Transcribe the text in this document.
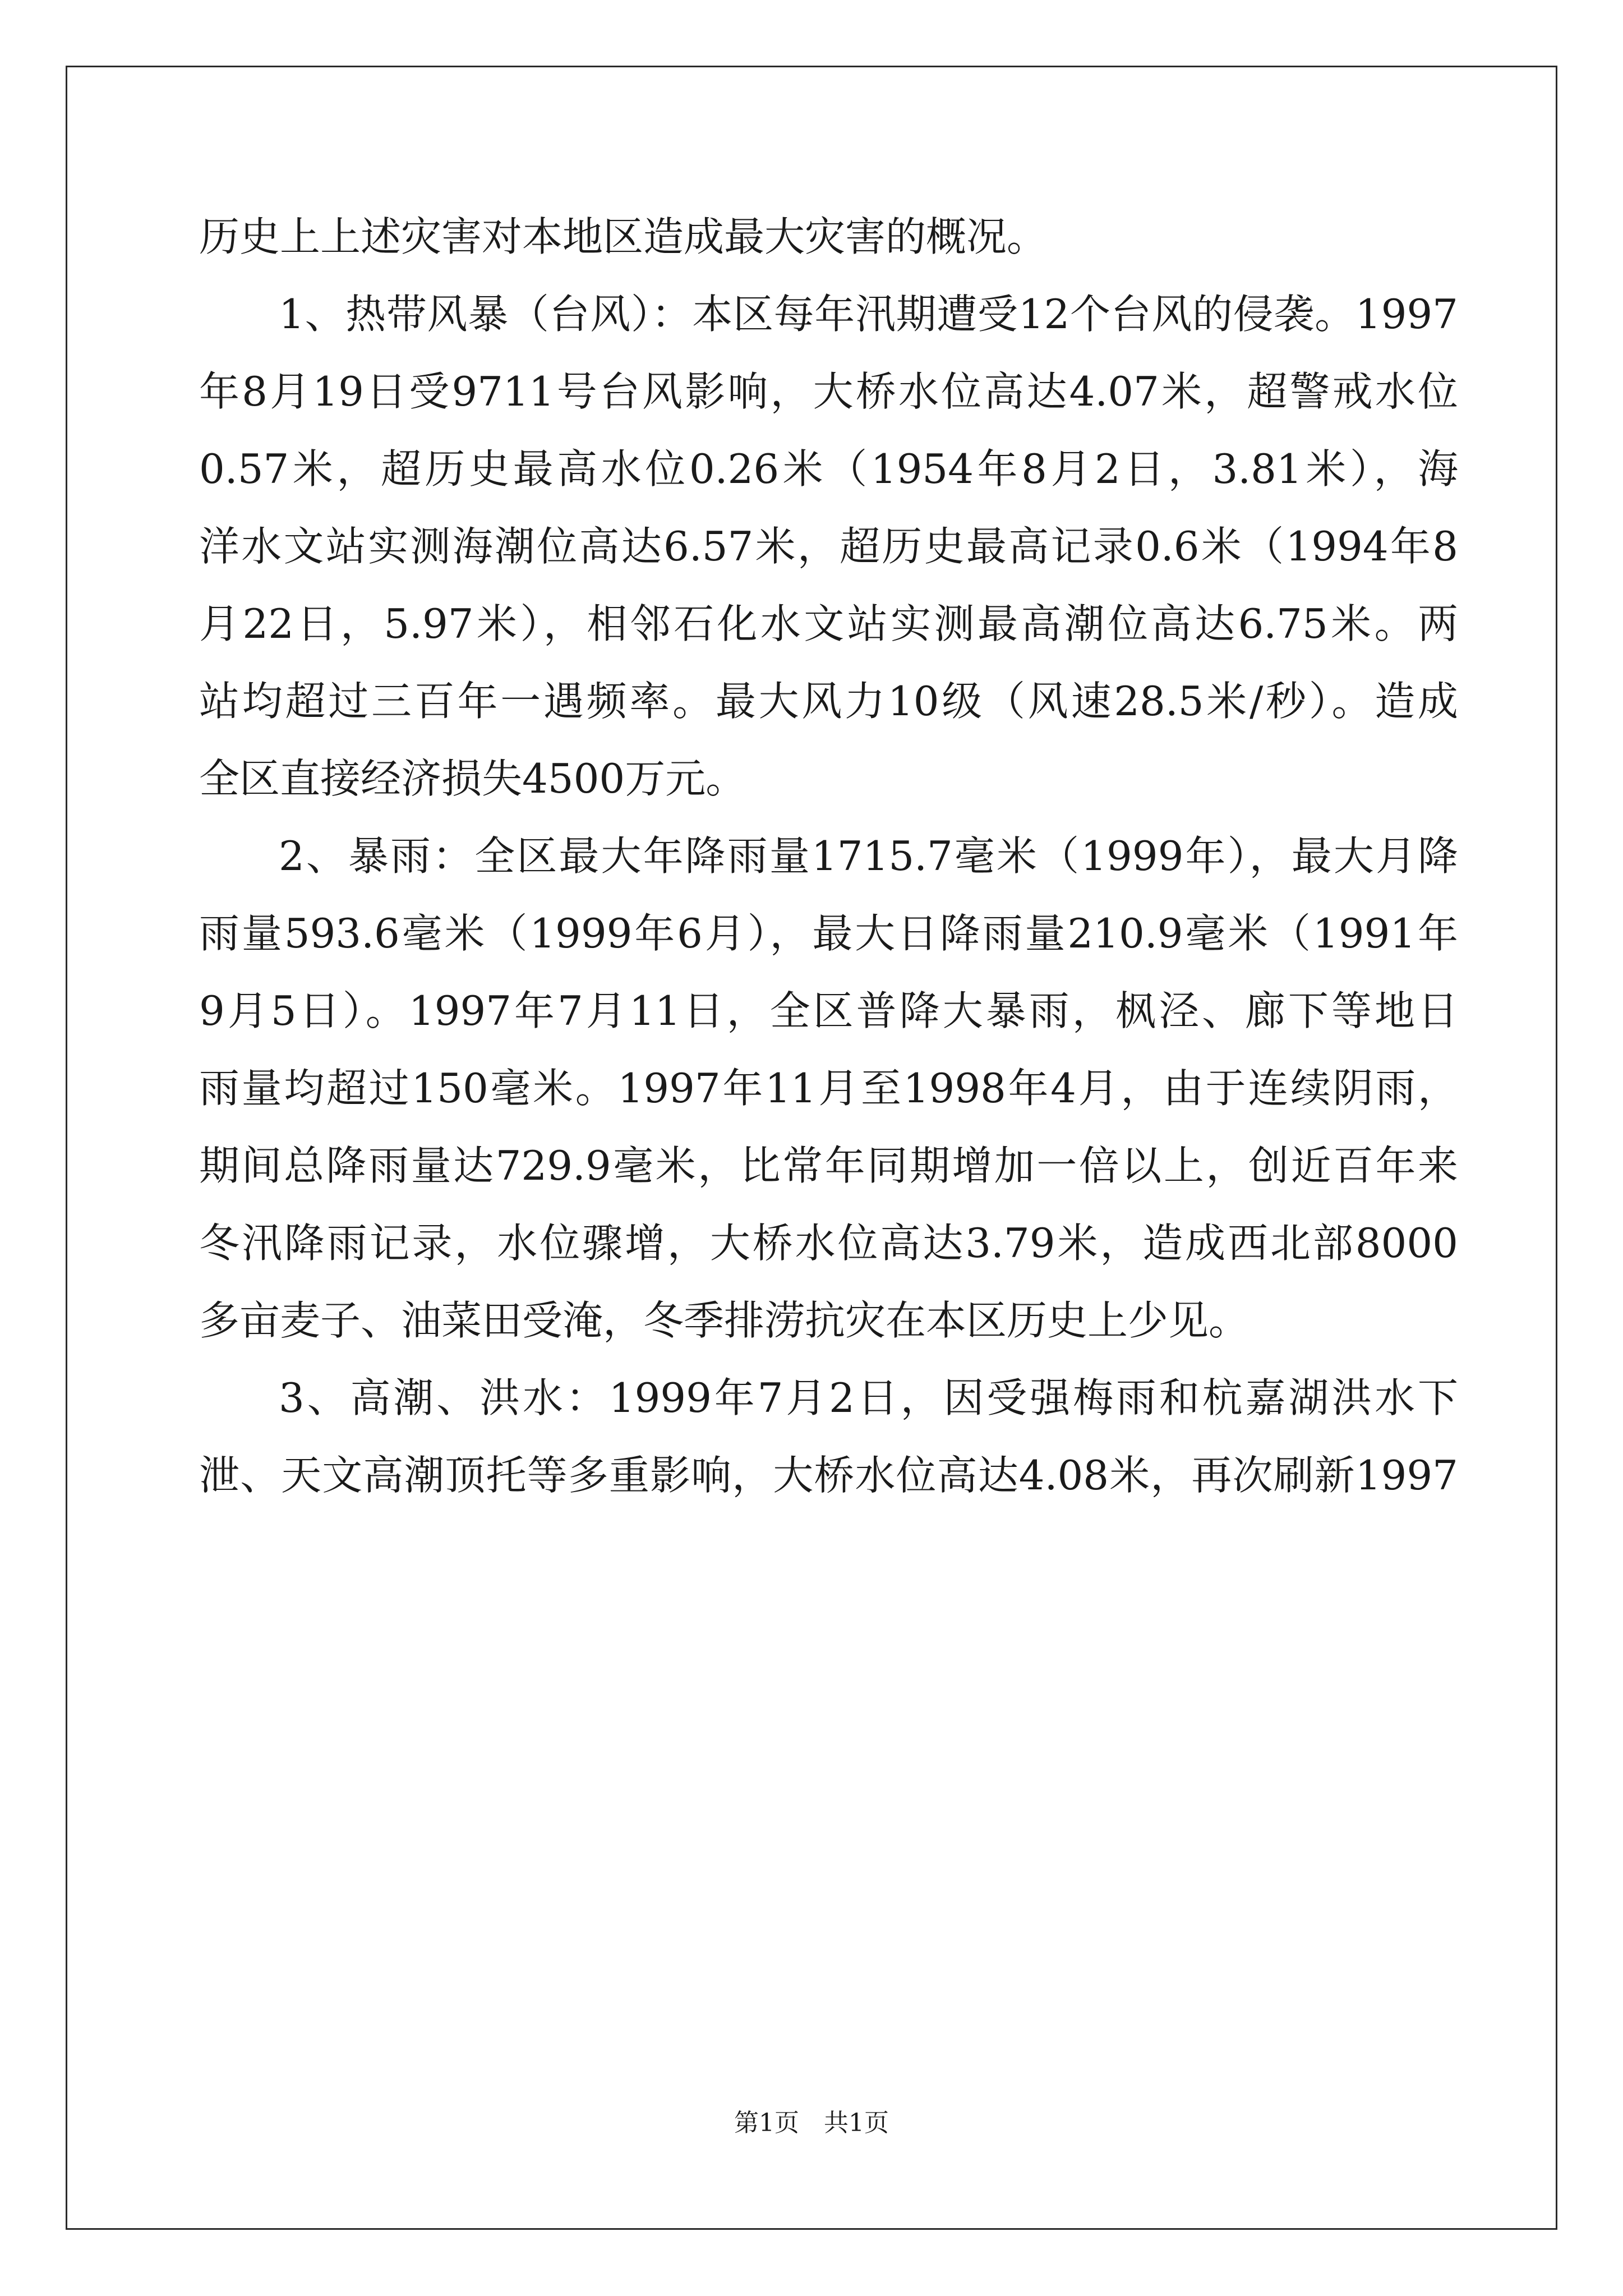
历史上上述灾害对本地区造成最大灾害的概况。
1、热带风暴（台风）：本区每年汛期遭受12个台风的侵袭。1997
年8月19日受9711号台风影响，大桥水位高达4.07米，超警戒水位
0.57米，超历史最高水位0.26米（1954年8月2日，3.81米），海
洋水文站实测海潮位高达6.57米，超历史最高记录0.6米（1994年8
月22日，5.97米），相邻石化水文站实测最高潮位高达6.75米。两
站均超过三百年一遇频率。最大风力10级（风速28.5米/秒）。造成
全区直接经济损失4500万元。
2、暴雨：全区最大年降雨量1715.7毫米（1999年），最大月降
雨量593.6毫米（1999年6月），最大日降雨量210.9毫米（1991年
9月5日）。1997年7月11日，全区普降大暴雨，枫泾、廊下等地日
雨量均超过150毫米。1997年11月至1998年4月，由于连续阴雨，
期间总降雨量达729.9毫米，比常年同期增加一倍以上，创近百年来
冬汛降雨记录，水位骤增，大桥水位高达3.79米，造成西北部8000
多亩麦子、油菜田受淹，冬季排涝抗灾在本区历史上少见。
3、高潮、洪水：1999年7月2日，因受强梅雨和杭嘉湖洪水下
泄、天文高潮顶托等多重影响，大桥水位高达4.08米，再次刷新1997
第1页　共1页
